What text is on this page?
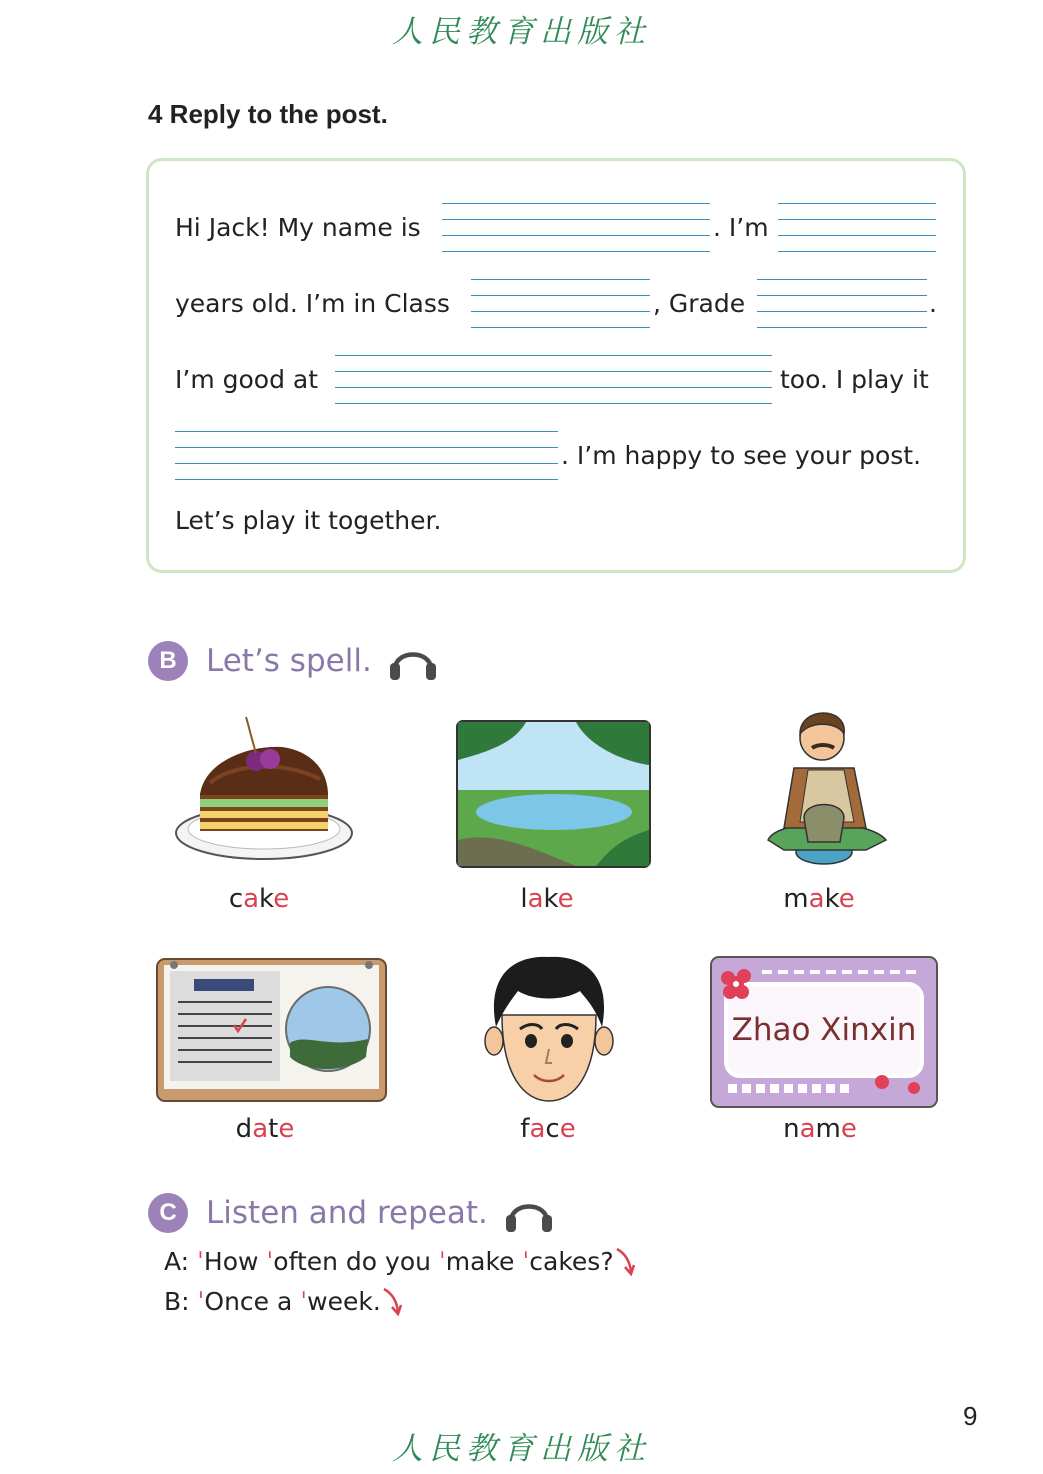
人民教育出版社
4 Reply to the post.
Hi Jack! My name is	. I’m
years old. I’m in Class	, Grade	.
I’m good at	too. I play it
. I’m happy to see your post.
Let’s play it together.
B Let’s spell.
cake	lake	make
date	face
Zhao Xinxin
name
C Listen and repeat.
A: ˈHow ˈoften do you ˈmake ˈcakes?
B: ˈOnce a ˈweek.
9
人民教育出版社
